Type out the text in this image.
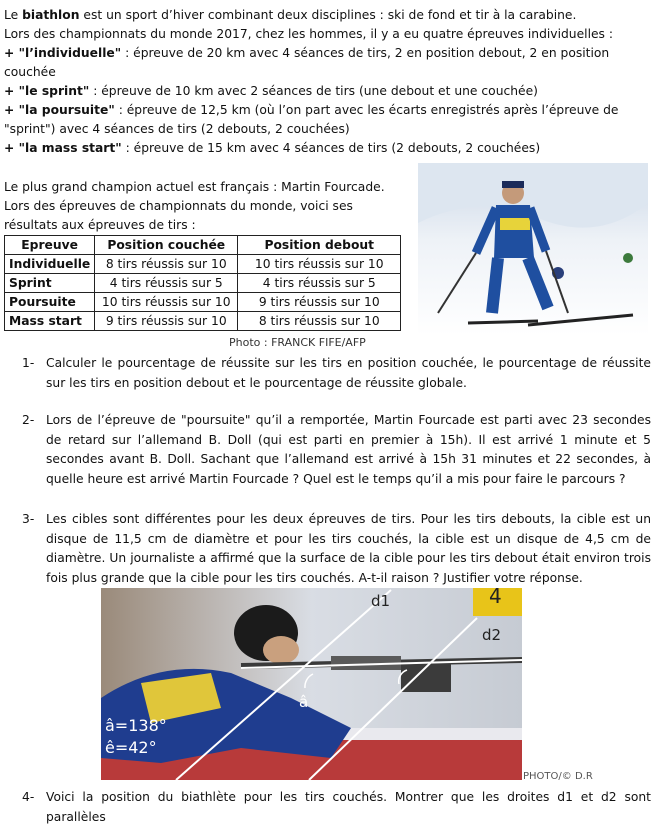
Le biathlon est un sport d’hiver combinant deux disciplines : ski de fond et tir à la carabine.
Lors des championnats du monde 2017, chez les hommes, il y a eu quatre épreuves individuelles :
+ "l’individuelle" : épreuve de 20 km avec 4 séances de tirs, 2 en position debout, 2 en position
couchée
+ "le sprint" : épreuve de 10 km avec 2 séances de tirs (une debout et une couchée)
+ "la poursuite" : épreuve de 12,5 km (où l’on part avec les écarts enregistrés après l’épreuve de
"sprint") avec 4 séances de tirs (2 debouts, 2 couchées)
+ "la mass start" : épreuve de 15 km avec 4 séances de tirs (2 debouts, 2 couchées)
Le plus grand champion actuel est français : Martin Fourcade.
Lors des épreuves de championnats du monde, voici ses
résultats aux épreuves de tirs :
Epreuve	Position couchée	Position debout
Individuelle	8 tirs réussis sur 10	10 tirs réussis sur 10
Sprint	4 tirs réussis sur 5	4 tirs réussis sur 5
Poursuite	10 tirs réussis sur 10	9 tirs réussis sur 10
Mass start	9 tirs réussis sur 10	8 tirs réussis sur 10
Photo : FRANCK FIFE/AFP
1- Calculer le pourcentage de réussite sur les tirs en position couchée, le pourcentage de réussite sur les tirs en position debout et le pourcentage de réussite globale.
2- Lors de l’épreuve de "poursuite" qu’il a remportée, Martin Fourcade est parti avec 23 secondes de retard sur l’allemand B. Doll (qui est parti en premier à 15h). Il est arrivé 1 minute et 5 secondes avant B. Doll. Sachant que l’allemand est arrivé à 15h 31 minutes et 22 secondes, à quelle heure est arrivé Martin Fourcade ? Quel est le temps qu’il a mis pour faire le parcours ?
3- Les cibles sont différentes pour les deux épreuves de tirs. Pour les tirs debouts, la cible est un disque de 11,5 cm de diamètre et pour les tirs couchés, la cible est un disque de 4,5 cm de diamètre. Un journaliste a affirmé que la surface de la cible pour les tirs debout était environ trois fois plus grande que la cible pour les tirs couchés. A-t-il raison ? Justifier votre réponse.
d1
d2
4
â
â=138°
ê=42°
PHOTO/© D.R
4- Voici la position du biathlète pour les tirs couchés. Montrer que les droites d1 et d2 sont parallèles
